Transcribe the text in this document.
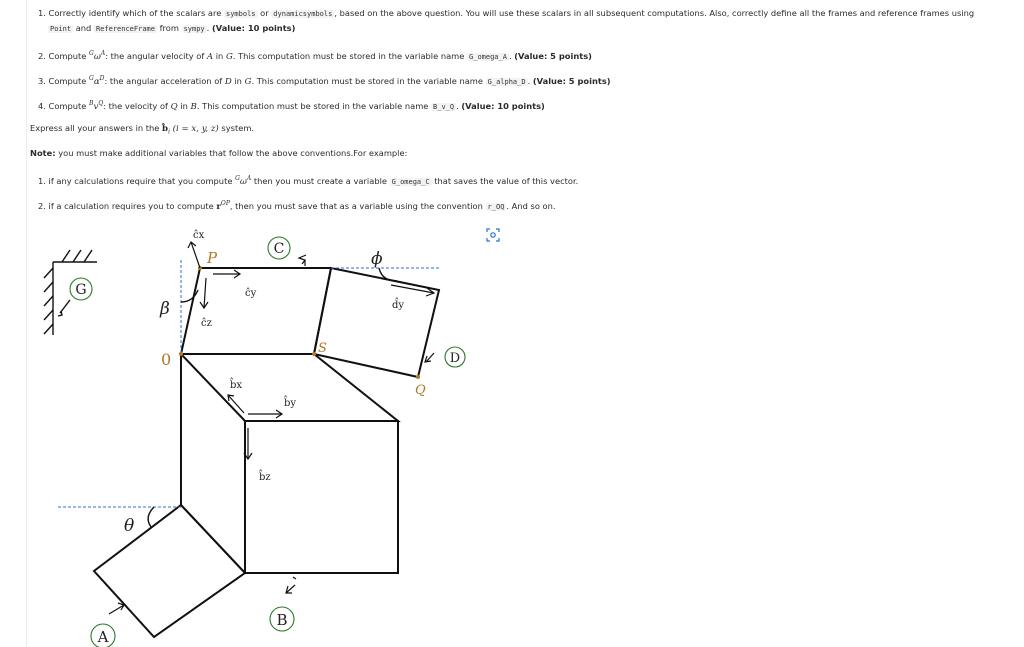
1. Correctly identify which of the scalars are symbols or dynamicsymbols , based on the above question. You will use these scalars in all subsequent computations. Also, correctly define all the frames and reference frames using
Point and ReferenceFrame from sympy . (Value: 10 points)
2. Compute $^G\omega^A$: the angular velocity of A in G. This computation must be stored in the variable name G_omega_A . (Value: 5 points)
3. Compute $^G\alpha^D$: the angular acceleration of D in G. This computation must be stored in the variable name G_alpha_D . (Value: 5 points)
4. Compute $^Bv^Q$: the velocity of Q in B. This computation must be stored in the variable name B_v_Q . (Value: 10 points)
Express all your answers in the $b̂_i$ (i = x, y, z) system.
Note: you must make additional variables that follow the above conventions.For example:
1. if any calculations require that you compute $^G\omega^A$ then you must create a variable G_omega_C that saves the value of this vector.
2. if a calculation requires you to compute $r^{OP}$, then you must save that as a variable using the convention r_OQ . And so on.
G
C
D
B
A
P
S
Q
0
β
θ
ϕ
ĉx
ĉy
ĉz
b̂x
b̂y
b̂z
d̂y
